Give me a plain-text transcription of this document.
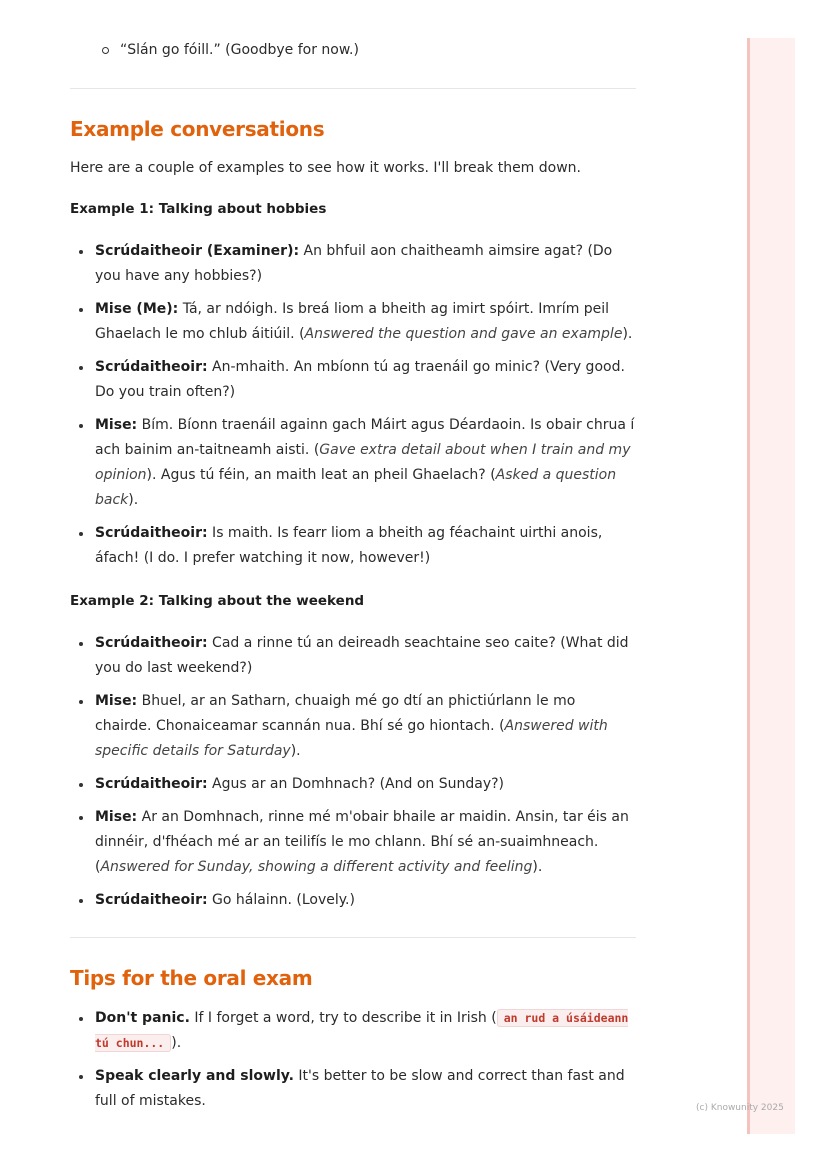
“Slán go fóill.” (Goodbye for now.)
Example conversations

Here are a couple of examples to see how it works. I'll break them down.

Example 1: Talking about hobbies
Scrúdaitheoir (Examiner): An bhfuil aon chaitheamh aimsire agat? (Do you have any hobbies?)
Mise (Me): Tá, ar ndóigh. Is breá liom a bheith ag imirt spóirt. Imrím peil Ghaelach le mo chlub áitiúil. (Answered the question and gave an example).
Scrúdaitheoir: An-mhaith. An mbíonn tú ag traenáil go minic? (Very good. Do you train often?)
Mise: Bím. Bíonn traenáil againn gach Máirt agus Déardaoin. Is obair chrua í ach bainim an-taitneamh aisti. (Gave extra detail about when I train and my opinion). Agus tú féin, an maith leat an pheil Ghaelach? (Asked a question back).
Scrúdaitheoir: Is maith. Is fearr liom a bheith ag féachaint uirthi anois, áfach! (I do. I prefer watching it now, however!)
Example 2: Talking about the weekend
Scrúdaitheoir: Cad a rinne tú an deireadh seachtaine seo caite? (What did you do last weekend?)
Mise: Bhuel, ar an Satharn, chuaigh mé go dtí an phictiúrlann le mo chairde. Chonaiceamar scannán nua. Bhí sé go hiontach. (Answered with specific details for Saturday).
Scrúdaitheoir: Agus ar an Domhnach? (And on Sunday?)
Mise: Ar an Domhnach, rinne mé m'obair bhaile ar maidin. Ansin, tar éis an dinnéir, d'fhéach mé ar an teilifís le mo chlann. Bhí sé an-suaimhneach. (Answered for Sunday, showing a different activity and feeling).
Scrúdaitheoir: Go hálainn. (Lovely.)
Tips for the oral exam
Don't panic. If I forget a word, try to describe it in Irish ( an rud a úsáideann tú chun... ).
Speak clearly and slowly. It's better to be slow and correct than fast and full of mistakes.	(c) Knowunity 2025
